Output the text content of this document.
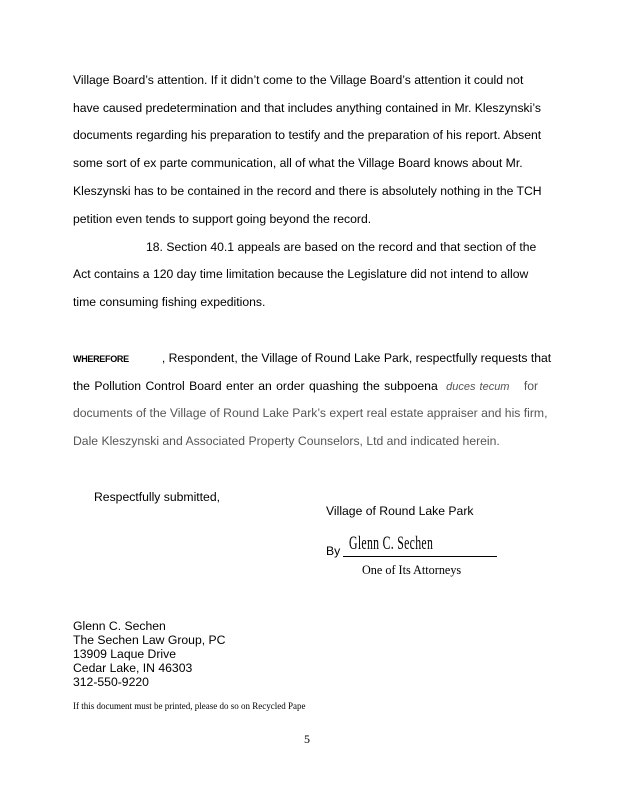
Village Board’s attention. If it didn’t come to the Village Board’s attention it could not
have caused predetermination and that includes anything contained in Mr. Kleszynski’s
documents regarding his preparation to testify and the preparation of his report. Absent
some sort of ex parte communication, all of what the Village Board knows about Mr.
Kleszynski has to be contained in the record and there is absolutely nothing in the TCH
petition even tends to support going beyond the record.
18. Section 40.1 appeals are based on the record and that section of the
Act contains a 120 day time limitation because the Legislature did not intend to allow
time consuming fishing expeditions.
WHEREFORE	, Respondent, the Village of Round Lake Park, respectfully requests that
the Pollution Control Board enter an order quashing the subpoena duces tecum for
documents of the Village of Round Lake Park’s expert real estate appraiser and his firm,
Dale Kleszynski and Associated Property Counselors, Ltd and indicated herein.
Respectfully submitted,
Village of Round Lake Park
By Glenn C. Sechen
One of Its Attorneys
Glenn C. Sechen
The Sechen Law Group, PC
13909 Laque Drive
Cedar Lake, IN 46303
312-550-9220
If this document must be printed, please do so on Recycled Pape
5
